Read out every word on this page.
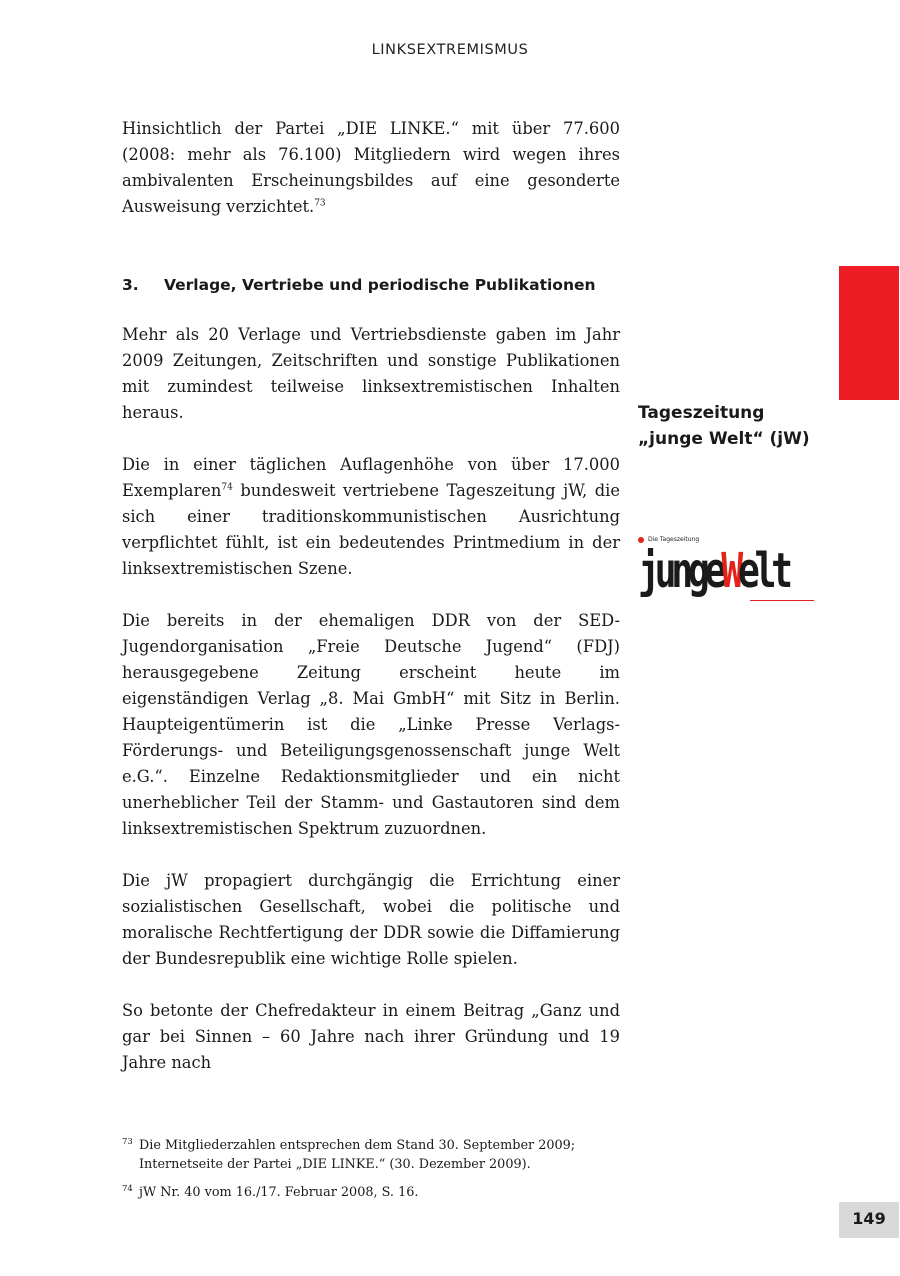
LINKSEXTREMISMUS

Hinsichtlich der Partei „DIE LINKE.“ mit über 77.600 (2008: mehr als 76.100) Mitgliedern wird wegen ihres ambivalenten Erscheinungsbildes auf eine gesonderte Ausweisung verzichtet.$^{73}$

3. Verlage, Vertriebe und periodische Publikationen

Mehr als 20 Verlage und Vertriebsdienste gaben im Jahr 2009 Zeitungen, Zeitschriften und sonstige Publikationen mit zumindest teilweise linksextremistischen Inhalten heraus.

Die in einer täglichen Auflagenhöhe von über 17.000 Exemplaren$^{74}$ bundesweit vertriebene Tageszeitung jW, die sich einer traditionskommunistischen Ausrichtung verpflichtet fühlt, ist ein bedeutendes Printmedium in der linksextremistischen Szene.

Die bereits in der ehemaligen DDR von der SED-Jugendorganisation „Freie Deutsche Jugend“ (FDJ) herausgegebene Zeitung erscheint heute im eigenständigen Verlag „8. Mai GmbH“ mit Sitz in Berlin. Haupteigentümerin ist die „Linke Presse Verlags-Förderungs- und Beteiligungsgenossenschaft junge Welt e.G.“. Einzelne Redaktionsmitglieder und ein nicht unerheblicher Teil der Stamm- und Gastautoren sind dem linksextremistischen Spektrum zuzuordnen.

Die jW propagiert durchgängig die Errichtung einer sozialistischen Gesellschaft, wobei die politische und moralische Rechtfertigung der DDR sowie die Diffamierung der Bundesrepublik eine wichtige Rolle spielen.

So betonte der Chefredakteur in einem Beitrag „Ganz und gar bei Sinnen – 60 Jahre nach ihrer Gründung und 19 Jahre nach

Tageszeitung
„junge Welt“ (jW)
Die Tageszeitung
jungeWelt
73 Die Mitgliederzahlen entsprechen dem Stand 30. September 2009; Internetseite der Partei „DIE LINKE.“ (30. Dezember 2009).
74 jW Nr. 40 vom 16./17. Februar 2008, S. 16.
149
